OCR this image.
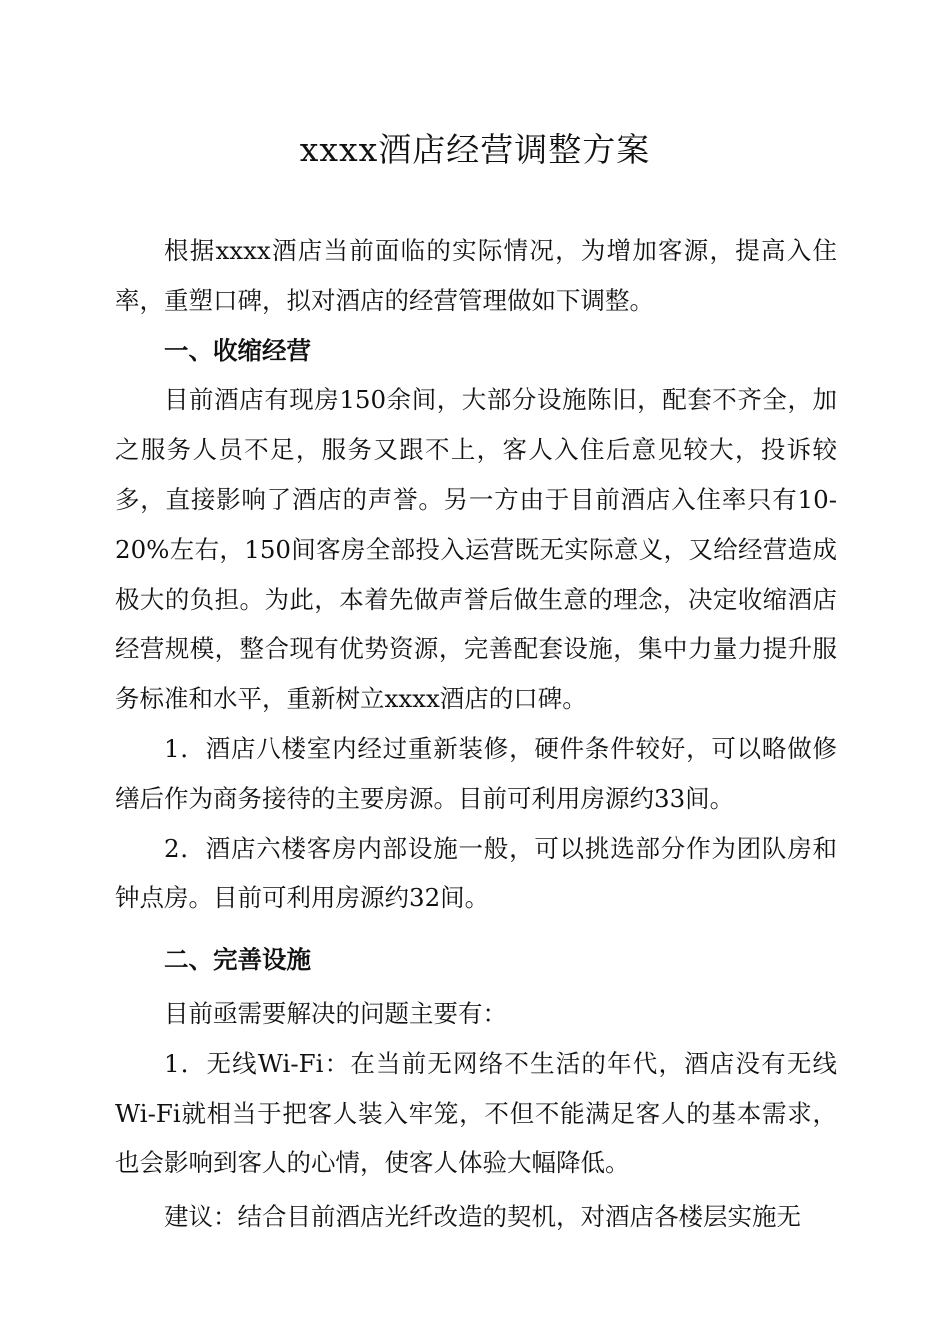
xxxx酒店经营调整方案

根据xxxx酒店当前面临的实际情况，为增加客源，提高入住率，重塑口碑，拟对酒店的经营管理做如下调整。

一、收缩经营

目前酒店有现房150余间，大部分设施陈旧，配套不齐全，加之服务人员不足，服务又跟不上，客人入住后意见较大，投诉较多，直接影响了酒店的声誉。另一方由于目前酒店入住率只有10-20%左右，150间客房全部投入运营既无实际意义，又给经营造成极大的负担。为此，本着先做声誉后做生意的理念，决定收缩酒店经营规模，整合现有优势资源，完善配套设施，集中力量力提升服务标准和水平，重新树立xxxx酒店的口碑。

1．酒店八楼室内经过重新装修，硬件条件较好，可以略做修缮后作为商务接待的主要房源。目前可利用房源约33间。

2．酒店六楼客房内部设施一般，可以挑选部分作为团队房和钟点房。目前可利用房源约32间。

二、完善设施

目前亟需要解决的问题主要有：

1．无线Wi-Fi：在当前无网络不生活的年代，酒店没有无线Wi-Fi就相当于把客人装入牢笼，不但不能满足客人的基本需求，也会影响到客人的心情，使客人体验大幅降低。

建议：结合目前酒店光纤改造的契机，对酒店各楼层实施无
